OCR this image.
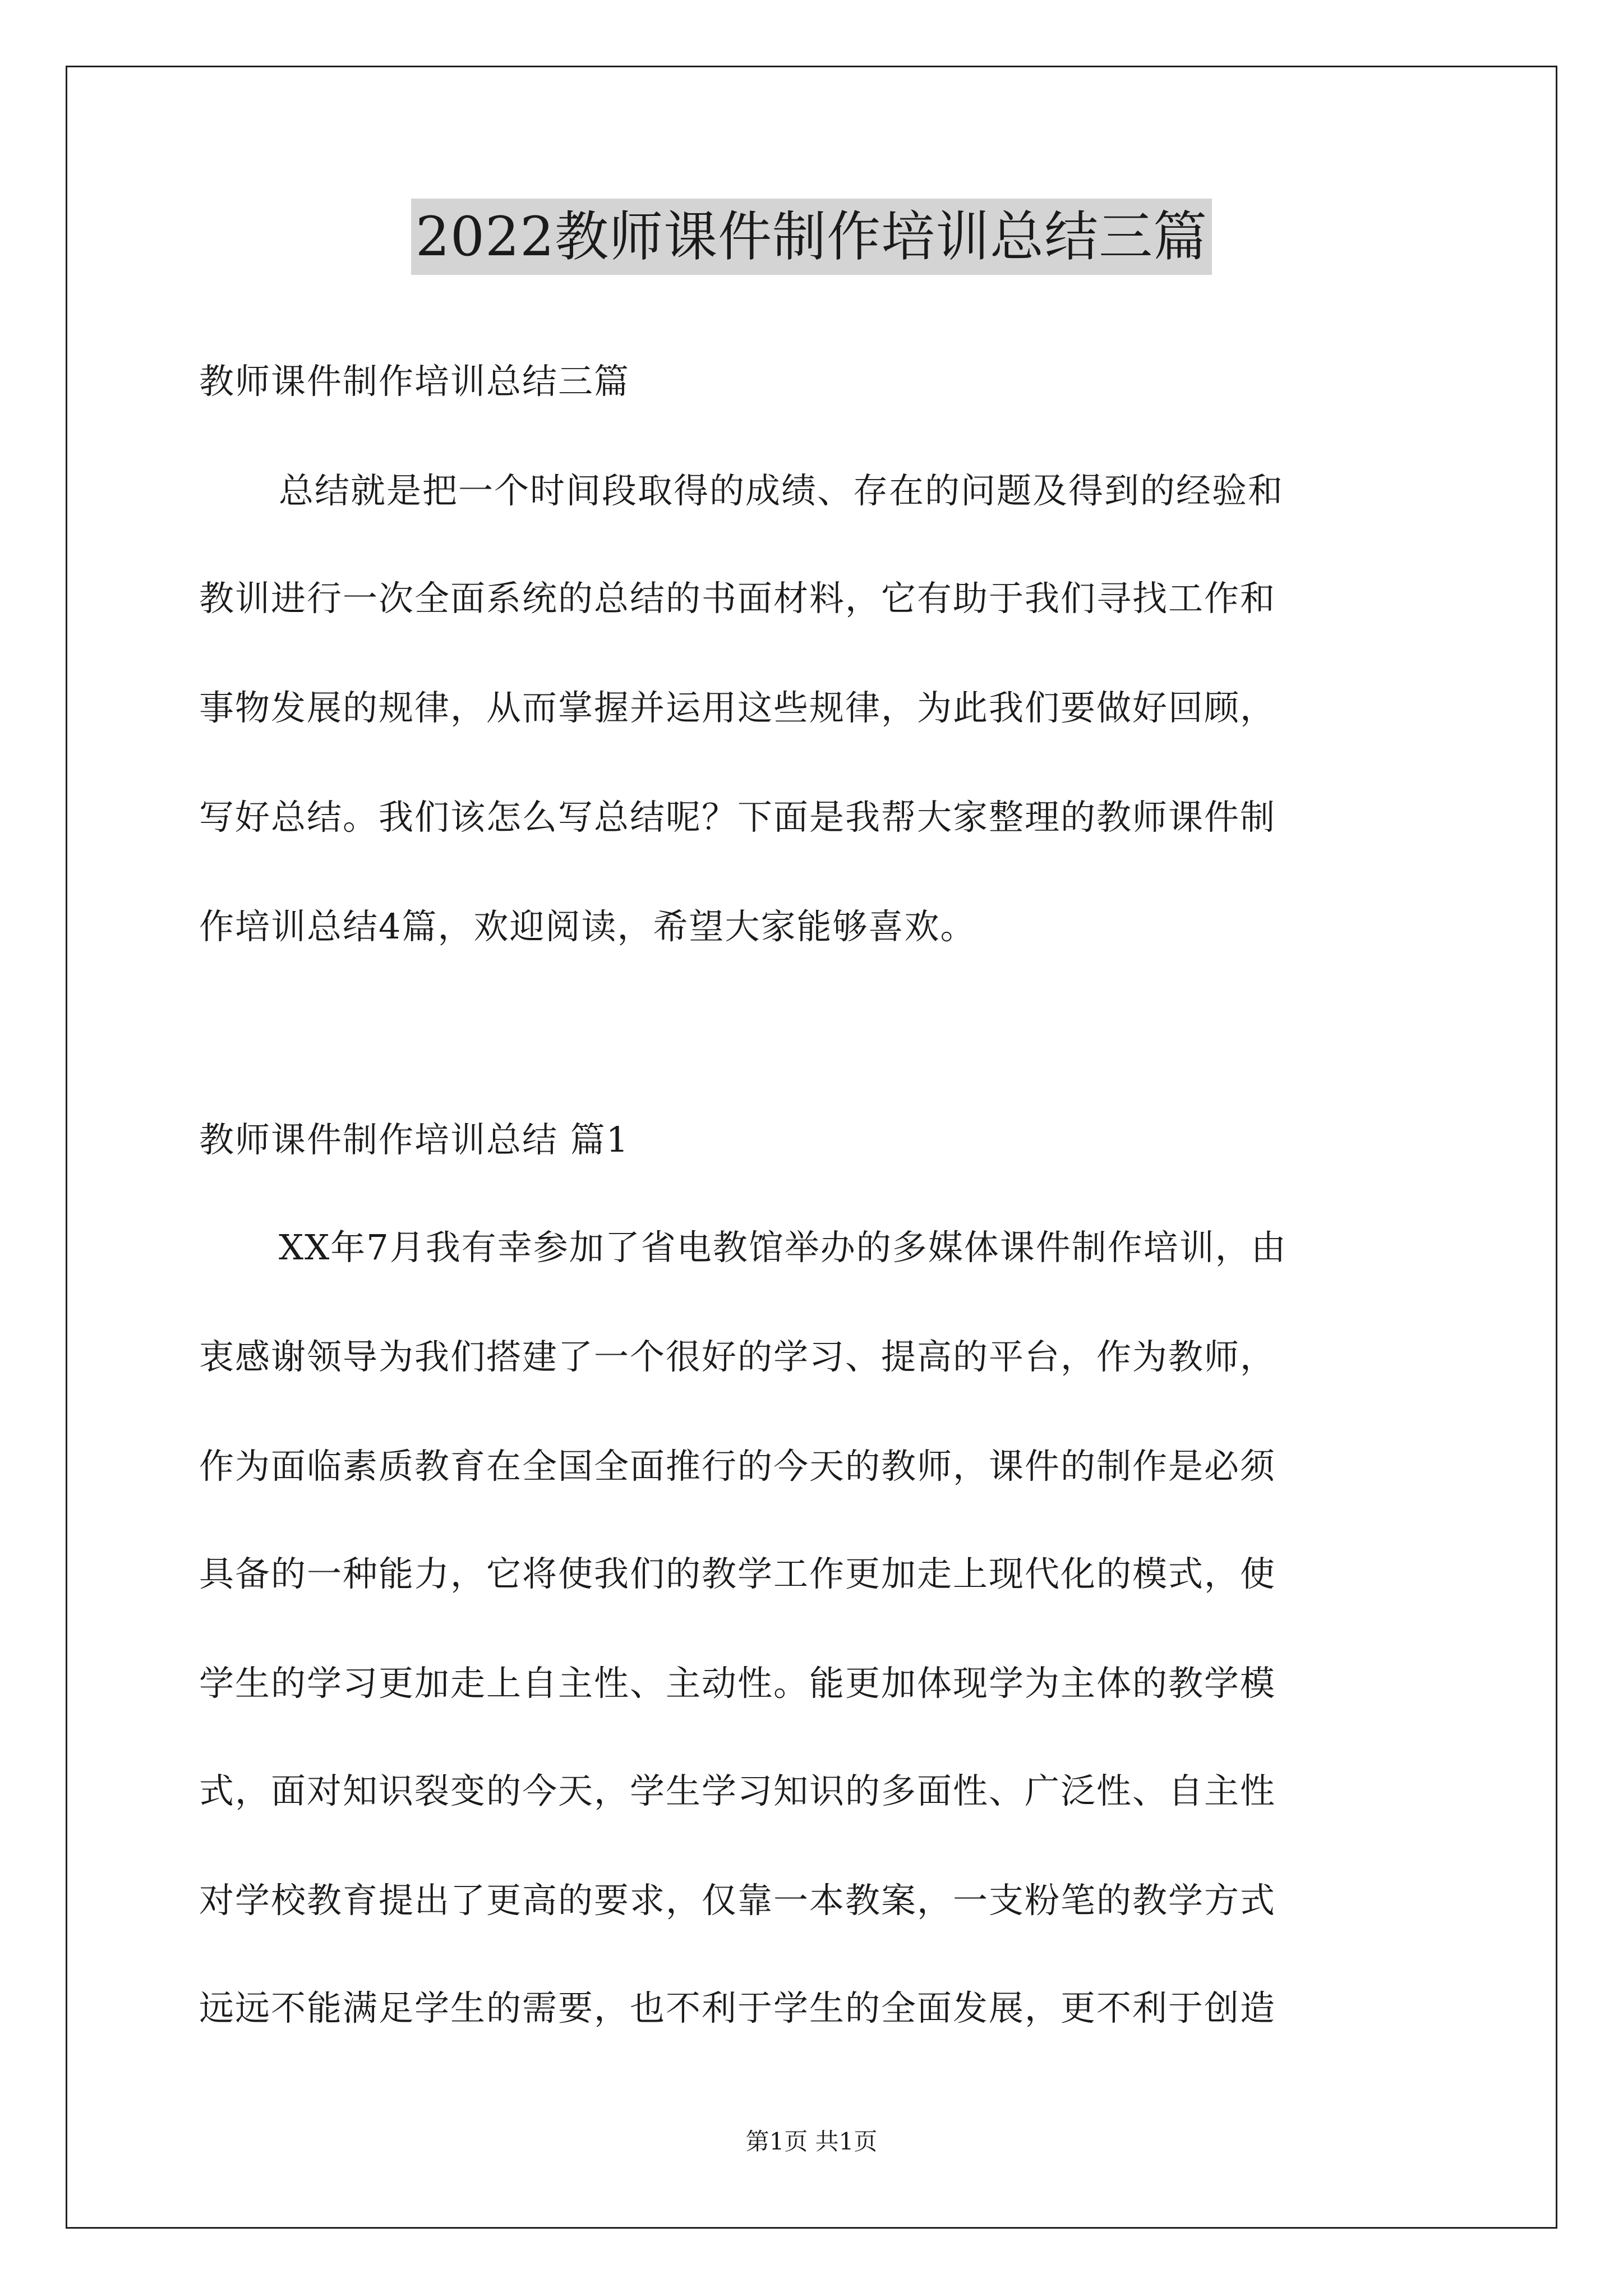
2022教师课件制作培训总结三篇
教师课件制作培训总结三篇
总结就是把一个时间段取得的成绩、存在的问题及得到的经验和
教训进行一次全面系统的总结的书面材料，它有助于我们寻找工作和
事物发展的规律，从而掌握并运用这些规律，为此我们要做好回顾，
写好总结。我们该怎么写总结呢？下面是我帮大家整理的教师课件制
作培训总结4篇，欢迎阅读，希望大家能够喜欢。
教师课件制作培训总结 篇1
XX年7月我有幸参加了省电教馆举办的多媒体课件制作培训，由
衷感谢领导为我们搭建了一个很好的学习、提高的平台，作为教师，
作为面临素质教育在全国全面推行的今天的教师，课件的制作是必须
具备的一种能力，它将使我们的教学工作更加走上现代化的模式，使
学生的学习更加走上自主性、主动性。能更加体现学为主体的教学模
式，面对知识裂变的今天，学生学习知识的多面性、广泛性、自主性
对学校教育提出了更高的要求，仅靠一本教案，一支粉笔的教学方式
远远不能满足学生的需要，也不利于学生的全面发展，更不利于创造
第1页 共1页
